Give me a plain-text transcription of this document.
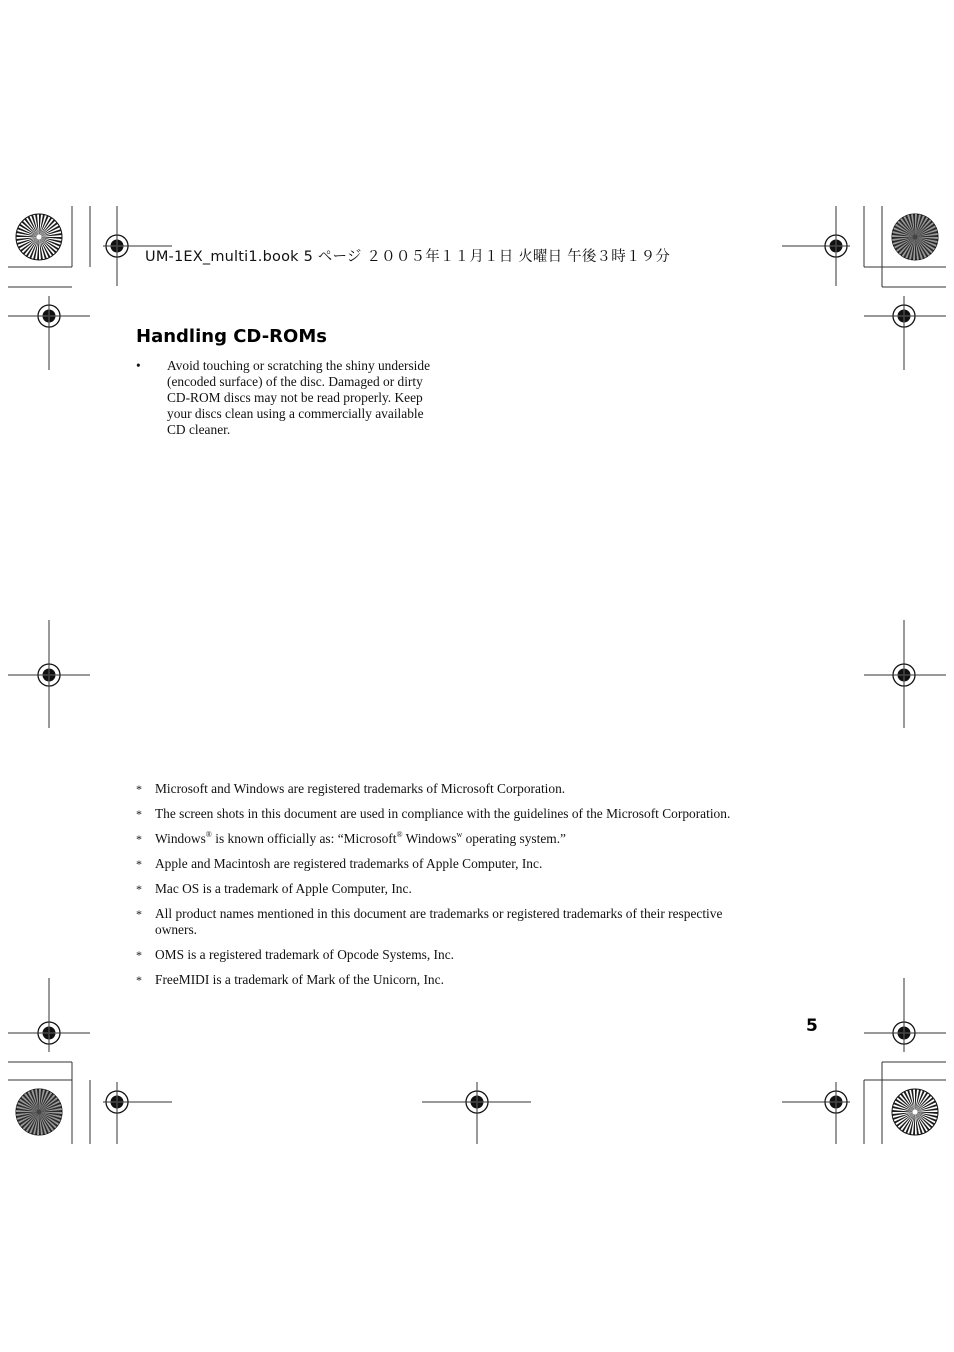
UM-1EX_multi1.book 5 ページ ２００５年１１月１日 火曜日 午後３時１９分
Handling CD-ROMs
• Avoid touching or scratching the shiny underside
(encoded surface) of the disc. Damaged or dirty
CD-ROM discs may not be read properly. Keep
your discs clean using a commercially available
CD cleaner.
* Microsoft and Windows are registered trademarks of Microsoft Corporation.
* The screen shots in this document are used in compliance with the guidelines of the Microsoft Corporation.
* Windows® is known officially as: “Microsoft® Windows$^w$ operating system.”
* Apple and Macintosh are registered trademarks of Apple Computer, Inc.
* Mac OS is a trademark of Apple Computer, Inc.
* All product names mentioned in this document are trademarks or registered trademarks of their respective
owners.
* OMS is a registered trademark of Opcode Systems, Inc.
* FreeMIDI is a trademark of Mark of the Unicorn, Inc.
5
